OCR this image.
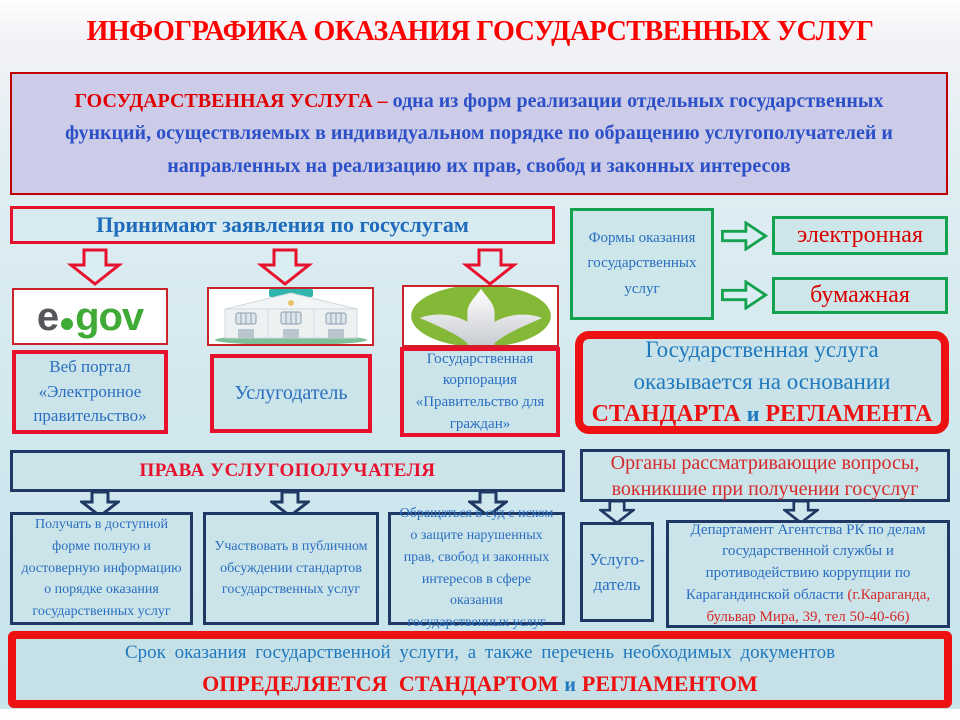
ИНФОГРАФИКА ОКАЗАНИЯ ГОСУДАРСТВЕННЫХ УСЛУГ
ГОСУДАРСТВЕННАЯ УСЛУГА – одна из форм реализации отдельных государственных функций, осуществляемых в индивидуальном порядке по обращению услугополучателей и направленных на реализацию их прав, свобод и законных интересов
Принимают заявления по госуслугам
e gov
Веб портал «Электронное правительство»
Услугодатель
Государственная корпорация «Правительство для граждан»
Формы оказания государственных услуг
электронная
бумажная
Государственная услуга
оказывается на основании
СТАНДАРТА и РЕГЛАМЕНТА
ПРАВА УСЛУГОПОЛУЧАТЕЛЯ
Получать в доступной форме полную и достоверную информацию о порядке оказания государственных услуг
Участвовать в публичном обсуждении стандартов государственных услуг
Обращаться в суд с иском о защите нарушенных прав, свобод и законных интересов в сфере оказания государственных услуг
Органы рассматривающие вопросы, вокникшие при получении госуслуг
Услуго-датель
Департамент Агентства РК по делам государственной службы и противодействию коррупции по Карагандинской области (г.Караганда, бульвар Мира, 39, тел 50-40-66)
Срок оказания государственной услуги, а также перечень необходимых документов
ОПРЕДЕЛЯЕТСЯ СТАНДАРТОМ и РЕГЛАМЕНТОМ
